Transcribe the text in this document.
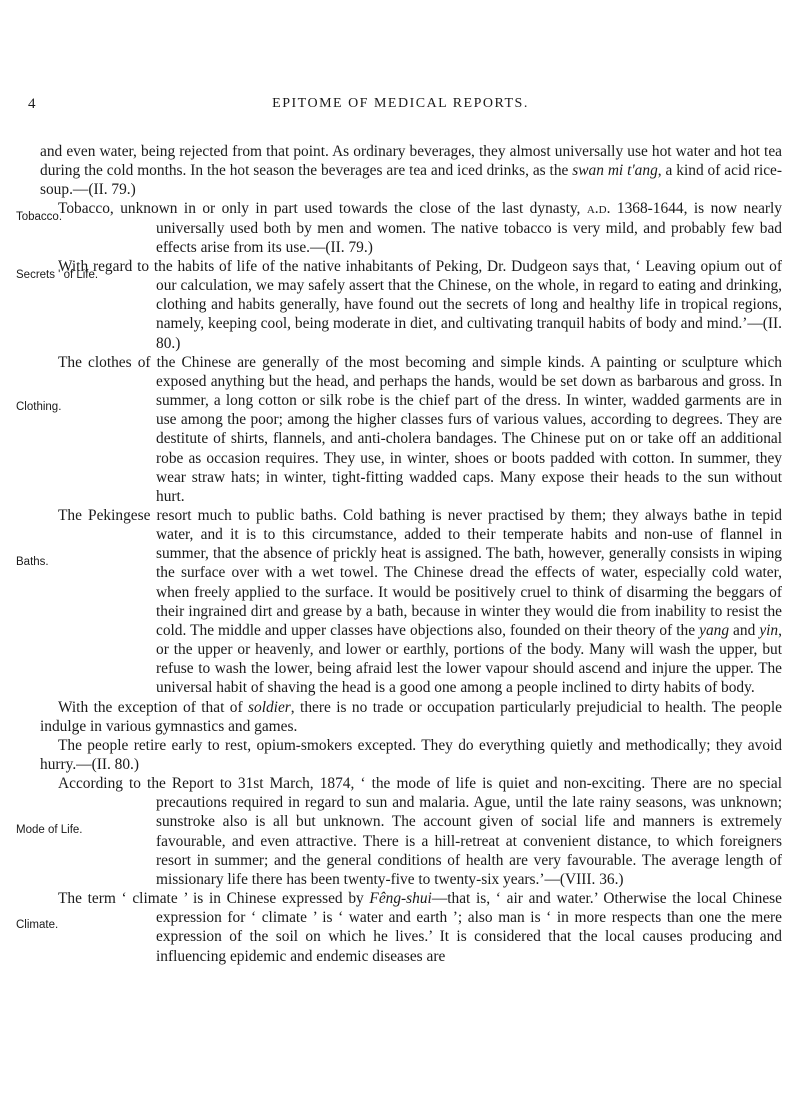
4	EPITOME OF MEDICAL REPORTS.

and even water, being rejected from that point. As ordinary beverages, they almost universally use hot water and hot tea during the cold months. In the hot season the beverages are tea and iced drinks, as the swan mi t'ang, a kind of acid rice-soup.—(II. 79.)

Tobacco.
Tobacco, unknown in or only in part used towards the close of the last dynasty, a.d. 1368-1644, is now nearly universally used both by men and women. The native tobacco is very mild, and probably few bad effects arise from its use.—(II. 79.)

Secrets ' of Life.
With regard to the habits of life of the native inhabitants of Peking, Dr. Dudgeon says that, ‘ Leaving opium out of our calculation, we may safely assert that the Chinese, on the whole, in regard to eating and drinking, clothing and habits generally, have found out the secrets of long and healthy life in tropical regions, namely, keeping cool, being moderate in diet, and cultivating tranquil habits of body and mind.’—(II. 80.)

Clothing.
The clothes of the Chinese are generally of the most becoming and simple kinds. A painting or sculpture which exposed anything but the head, and perhaps the hands, would be set down as barbarous and gross. In summer, a long cotton or silk robe is the chief part of the dress. In winter, wadded garments are in use among the poor; among the higher classes furs of various values, according to degrees. They are destitute of shirts, flannels, and anti-cholera bandages. The Chinese put on or take off an additional robe as occasion requires. They use, in winter, shoes or boots padded with cotton. In summer, they wear straw hats; in winter, tight-fitting wadded caps. Many expose their heads to the sun without hurt.

Baths.
The Pekingese resort much to public baths. Cold bathing is never practised by them; they always bathe in tepid water, and it is to this circumstance, added to their temperate habits and non-use of flannel in summer, that the absence of prickly heat is assigned. The bath, however, generally consists in wiping the surface over with a wet towel. The Chinese dread the effects of water, especially cold water, when freely applied to the surface. It would be positively cruel to think of disarming the beggars of their ingrained dirt and grease by a bath, because in winter they would die from inability to resist the cold. The middle and upper classes have objections also, founded on their theory of the yang and yin, or the upper or heavenly, and lower or earthly, portions of the body. Many will wash the upper, but refuse to wash the lower, being afraid lest the lower vapour should ascend and injure the upper. The universal habit of shaving the head is a good one among a people inclined to dirty habits of body.

With the exception of that of soldier, there is no trade or occupation particularly prejudicial to health. The people indulge in various gymnastics and games.

The people retire early to rest, opium-smokers excepted. They do everything quietly and methodically; they avoid hurry.—(II. 80.)

Mode of Life.
According to the Report to 31st March, 1874, ‘ the mode of life is quiet and non-exciting. There are no special precautions required in regard to sun and malaria. Ague, until the late rainy seasons, was unknown; sunstroke also is all but unknown. The account given of social life and manners is extremely favourable, and even attractive. There is a hill-retreat at convenient distance, to which foreigners resort in summer; and the general conditions of health are very favourable. The average length of missionary life there has been twenty-five to twenty-six years.’—(VIII. 36.)

Climate.
The term ‘ climate ’ is in Chinese expressed by Fêng-shui—that is, ‘ air and water.’ Otherwise the local Chinese expression for ‘ climate ’ is ‘ water and earth ’; also man is ‘ in more respects than one the mere expression of the soil on which he lives.’ It is considered that the local causes producing and influencing epidemic and endemic diseases are
